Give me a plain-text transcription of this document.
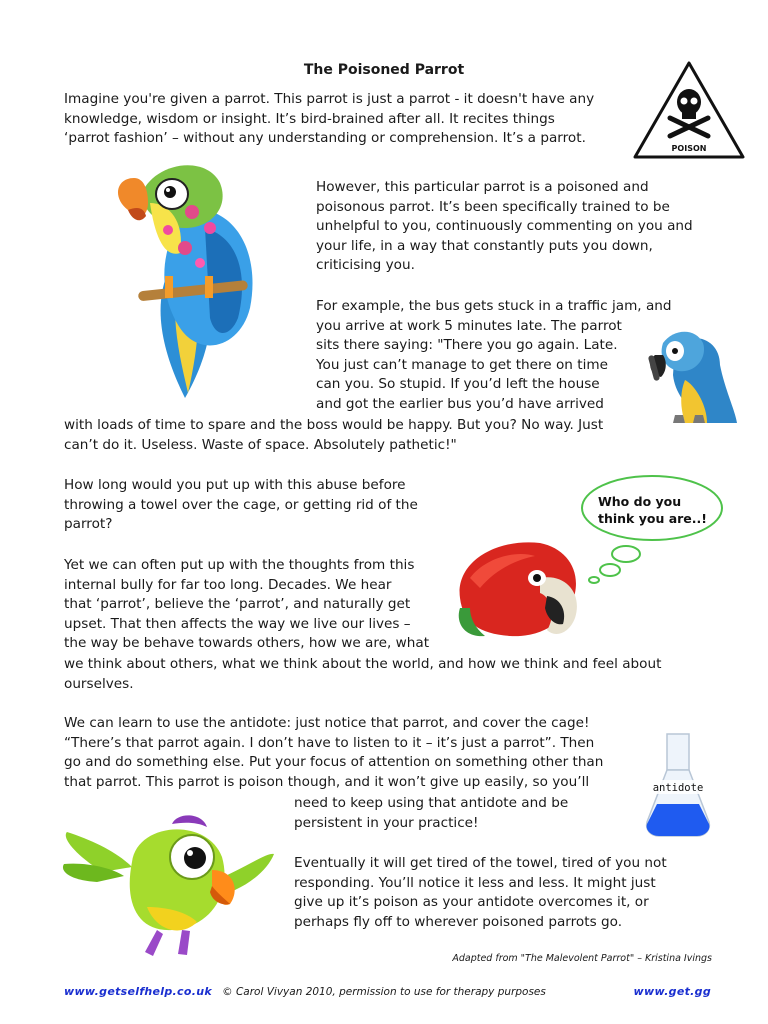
The Poisoned Parrot
Imagine you're given a parrot. This parrot is just a parrot - it doesn't have any
knowledge, wisdom or insight. It’s bird-brained after all. It recites things
‘parrot fashion’ – without any understanding or comprehension. It’s a parrot.
POISON
However, this particular parrot is a poisoned and
poisonous parrot. It’s been specifically trained to be
unhelpful to you, continuously commenting on you and
your life, in a way that constantly puts you down,
criticising you.
For example, the bus gets stuck in a traffic jam, and
you arrive at work 5 minutes late. The parrot
sits there saying: "There you go again. Late.
You just can’t manage to get there on time
can you. So stupid. If you’d left the house
and got the earlier bus you’d have arrived
with loads of time to spare and the boss would be happy. But you? No way. Just
can’t do it. Useless. Waste of space. Absolutely pathetic!"
How long would you put up with this abuse before
throwing a towel over the cage, or getting rid of the
parrot?
Who do you
think you are..!
Yet we can often put up with the thoughts from this
internal bully for far too long. Decades. We hear
that ‘parrot’, believe the ‘parrot’, and naturally get
upset. That then affects the way we live our lives –
the way be behave towards others, how we are, what
we think about others, what we think about the world, and how we think and feel about
ourselves.
We can learn to use the antidote: just notice that parrot, and cover the cage!
“There’s that parrot again. I don’t have to listen to it – it’s just a parrot”. Then
go and do something else. Put your focus of attention on something other than
that parrot. This parrot is poison though, and it won’t give up easily, so you’ll	antidote
need to keep using that antidote and be
persistent in your practice!
Eventually it will get tired of the towel, tired of you not
responding. You’ll notice it less and less. It might just
give up it’s poison as your antidote overcomes it, or
perhaps fly off to wherever poisoned parrots go.
Adapted from "The Malevolent Parrot" – Kristina Ivings
www.getselfhelp.co.uk © Carol Vivyan 2010, permission to use for therapy purposes	www.get.gg
